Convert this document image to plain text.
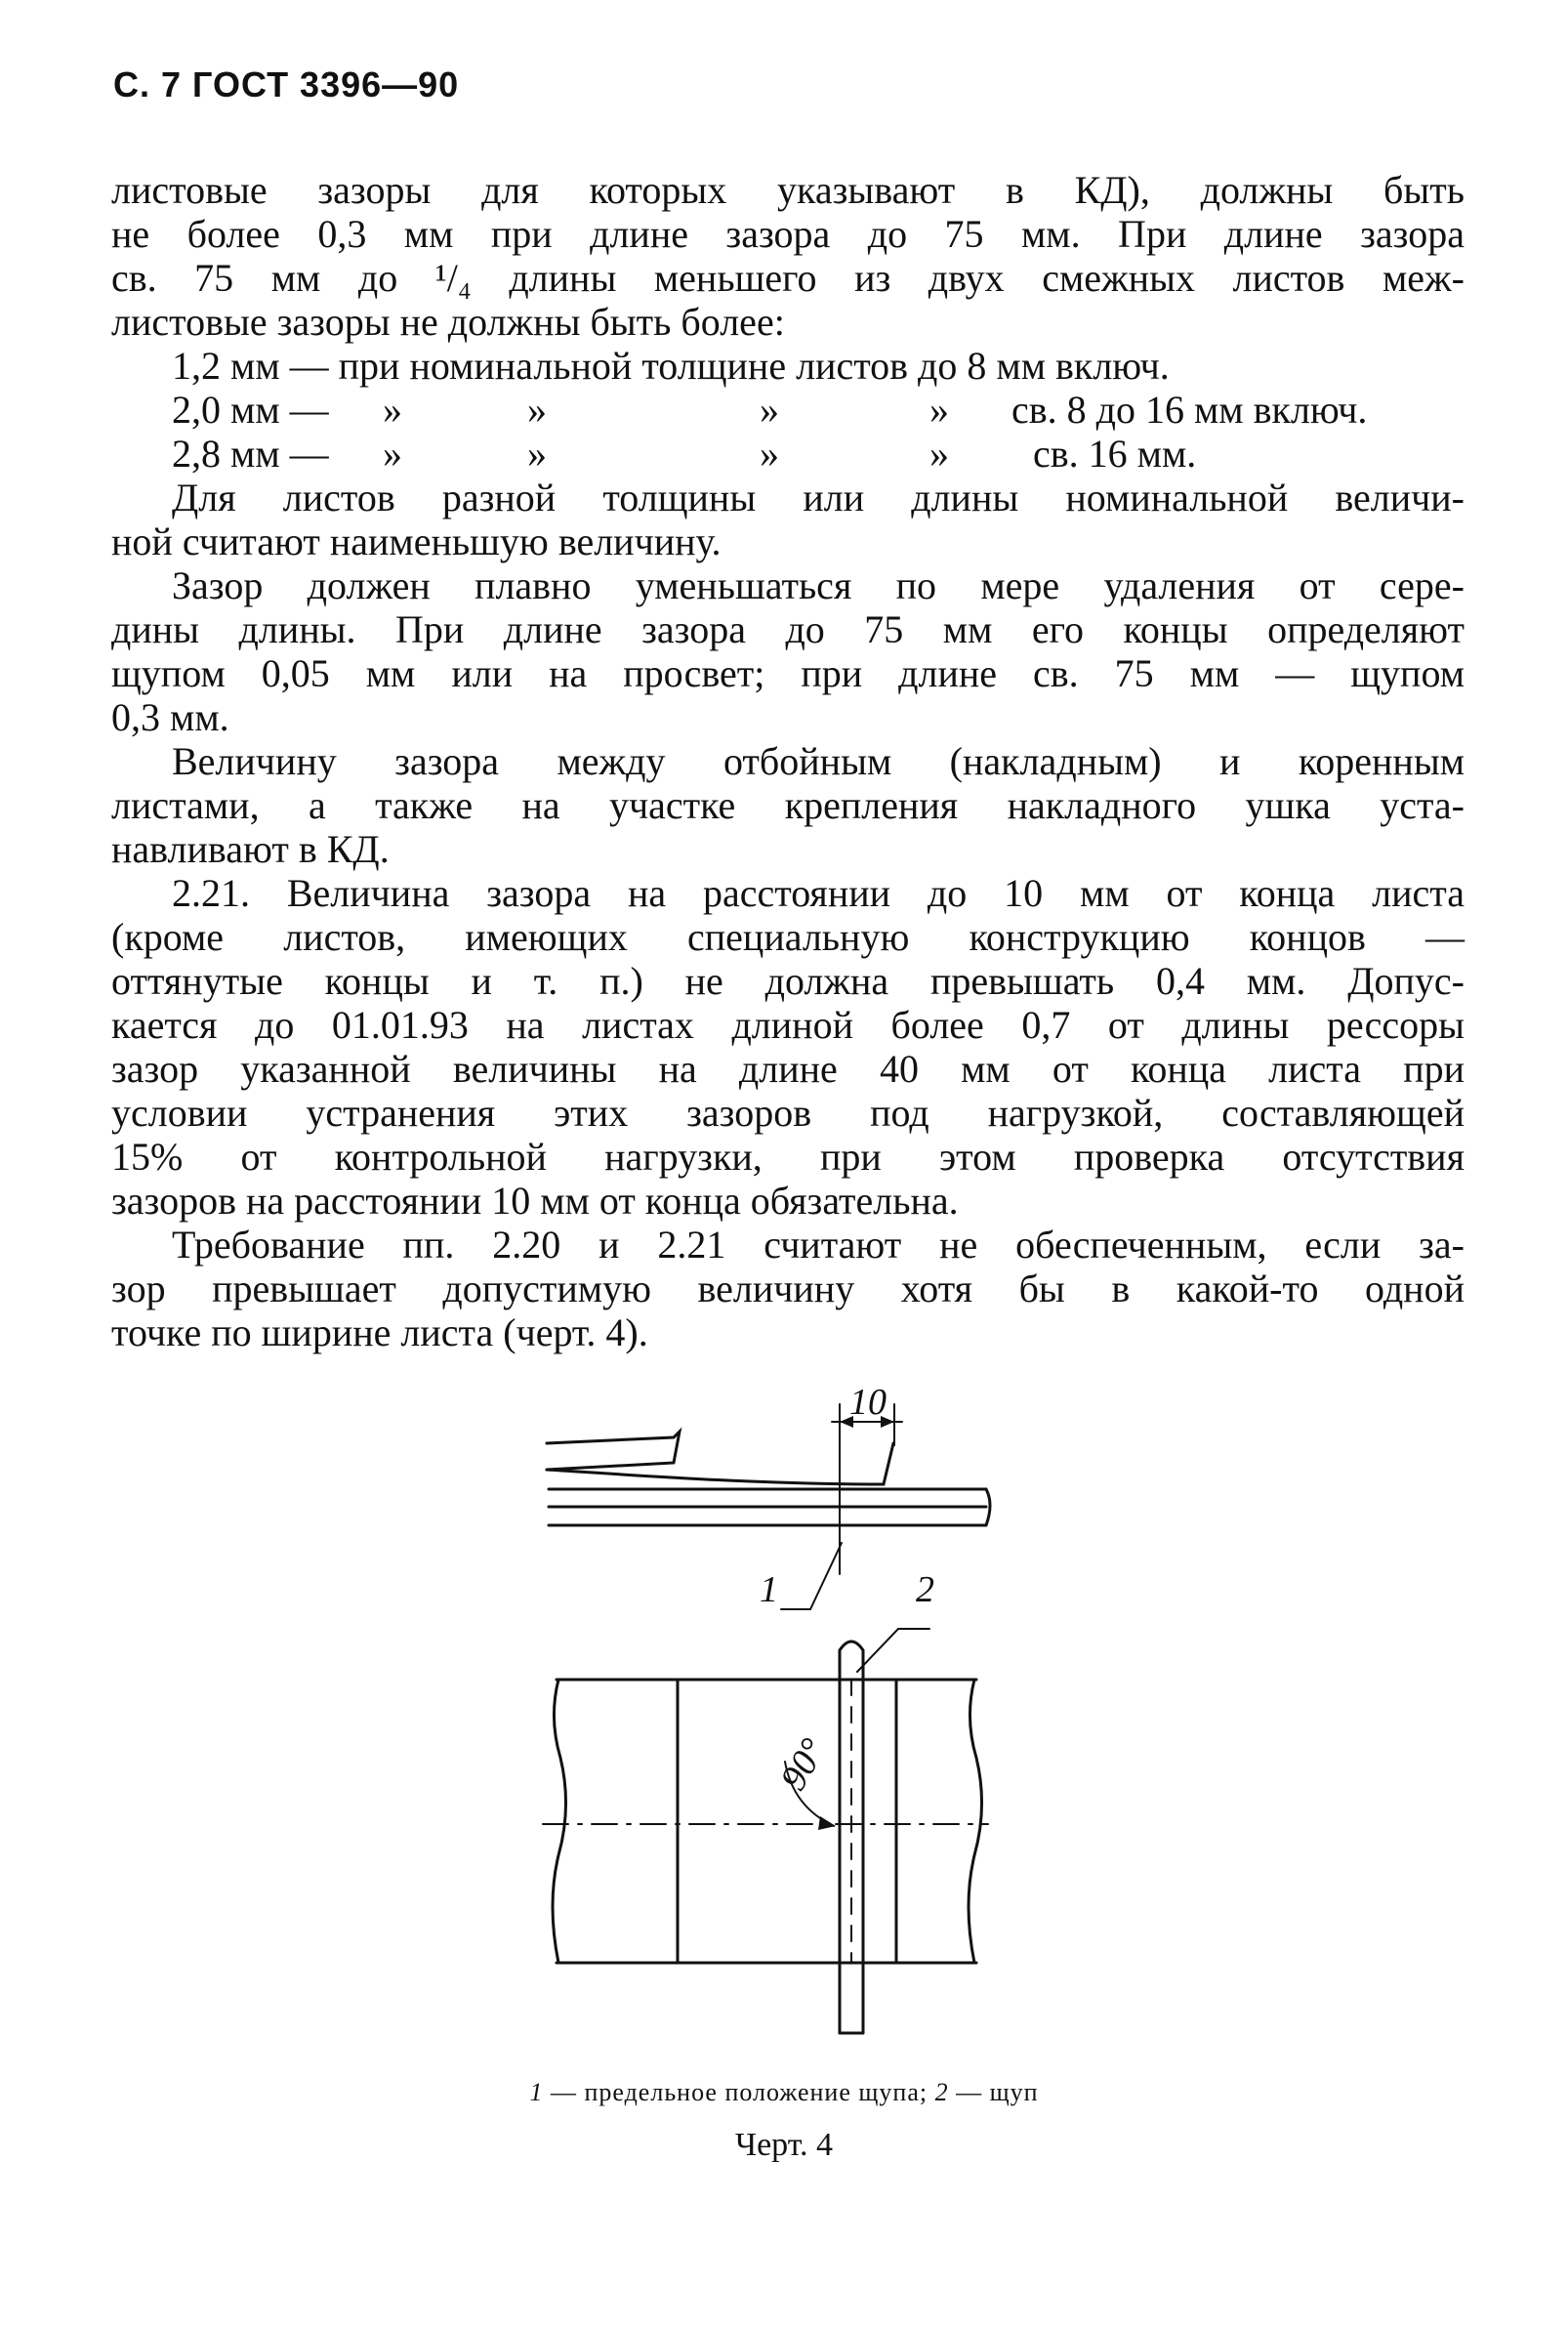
С. 7 ГОСТ 3396—90
листовые зазоры для которых указывают в КД), должны быть
не более 0,3 мм при длине зазора до 75 мм. При длине зазора
св. 75 мм до ¹/₄ длины меньшего из двух смежных листов меж-
листовые зазоры не должны быть более:
1,2 мм — при номинальной толщине листов до 8 мм включ.
2,0 мм — »	»	»	» св. 8 до 16 мм включ.
2,8 мм — »	»	»	» св. 16 мм.
Для листов разной толщины или длины номинальной величи-
ной считают наименьшую величину.
Зазор должен плавно уменьшаться по мере удаления от сере-
дины длины. При длине зазора до 75 мм его концы определяют
щупом 0,05 мм или на просвет; при длине св. 75 мм — щупом
0,3 мм.
Величину зазора между отбойным (накладным) и коренным
листами, а также на участке крепления накладного ушка уста-
навливают в КД.
2.21. Величина зазора на расстоянии до 10 мм от конца листа
(кроме листов, имеющих специальную конструкцию концов —
оттянутые концы и т. п.) не должна превышать 0,4 мм. Допус-
кается до 01.01.93 на листах длиной более 0,7 от длины рессоры
зазор указанной величины на длине 40 мм от конца листа при
условии устранения этих зазоров под нагрузкой, составляющей
15% от контрольной нагрузки, при этом проверка отсутствия
зазоров на расстоянии 10 мм от конца обязательна.
Требование пп. 2.20 и 2.21 считают не обеспеченным, если за-
зор превышает допустимую величину хотя бы в какой-то одной
точке по ширине листа (черт. 4).
10
1	2
90°
1 — предельное положение щупа; 2 — щуп
Черт. 4
